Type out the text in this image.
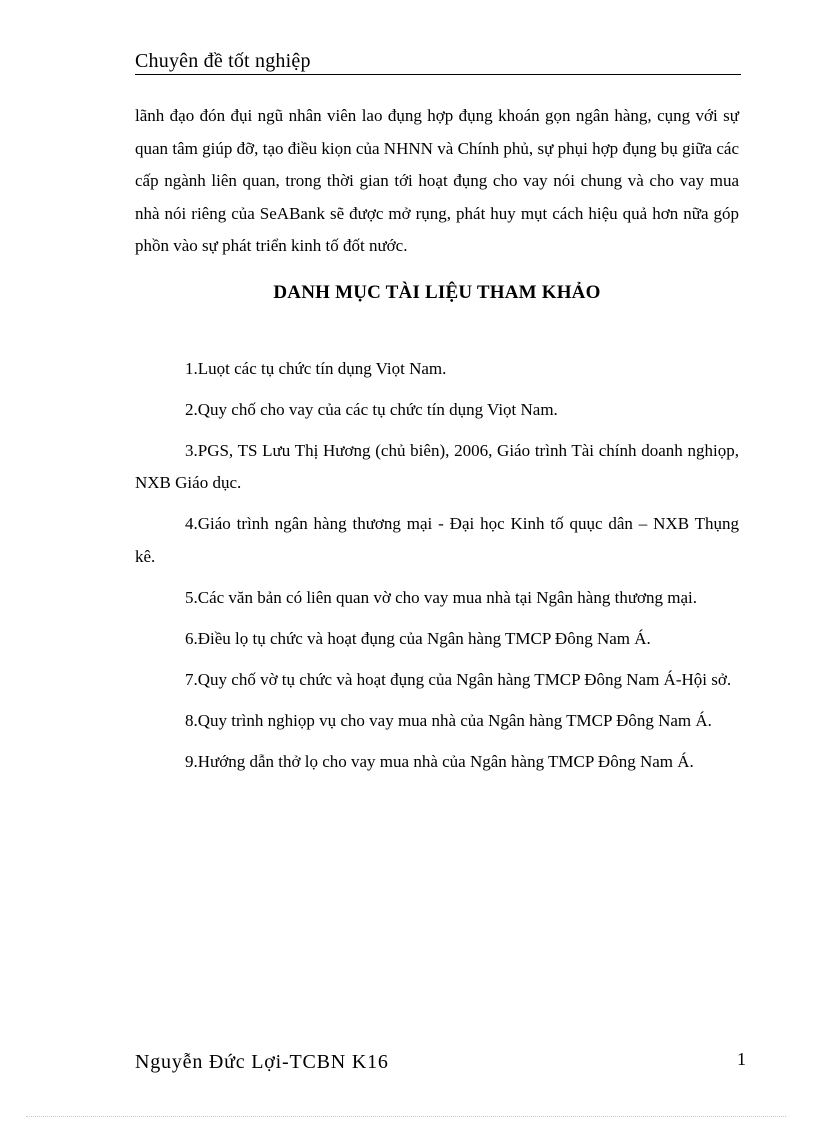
Chuyên đề tốt nghiệp

lãnh đạo đón đụi ngũ nhân viên lao đụng hợp đụng khoán gọn ngân hàng, cụng với sự quan tâm giúp đỡ, tạo điều kiọn của NHNN và Chính phủ, sự phụi hợp đụng bụ giữa các cấp ngành liên quan, trong thời gian tới hoạt đụng cho vay nói chung và cho vay mua nhà nói riêng của SeABank sẽ được mở rụng, phát huy mụt cách hiệu quả hơn nữa góp phồn vào sự phát triển kinh tố đốt nước.

DANH MỤC TÀI LIỆU THAM KHẢO

1.Luọt các tụ chức tín dụng Viọt Nam.

2.Quy chố cho vay của các tụ chức tín dụng Viọt Nam.

3.PGS, TS Lưu Thị Hương (chủ biên), 2006, Giáo trình Tài chính doanh nghiọp, NXB Giáo dục.

4.Giáo trình ngân hàng thương mại - Đại học Kinh tố quục dân – NXB Thụng kê.

5.Các văn bản có liên quan vờ cho vay mua nhà tại Ngân hàng thương mại.

6.Điều lọ tụ chức và hoạt đụng của Ngân hàng TMCP Đông Nam Á.

7.Quy chố vờ tụ chức và hoạt đụng của Ngân hàng TMCP Đông Nam Á-Hội sở.

8.Quy trình nghiọp vụ cho vay mua nhà của Ngân hàng TMCP Đông Nam Á.

9.Hướng dẫn thở lọ cho vay mua nhà của Ngân hàng TMCP Đông Nam Á.

Nguyễn Đức Lợi-TCBN K16	1
